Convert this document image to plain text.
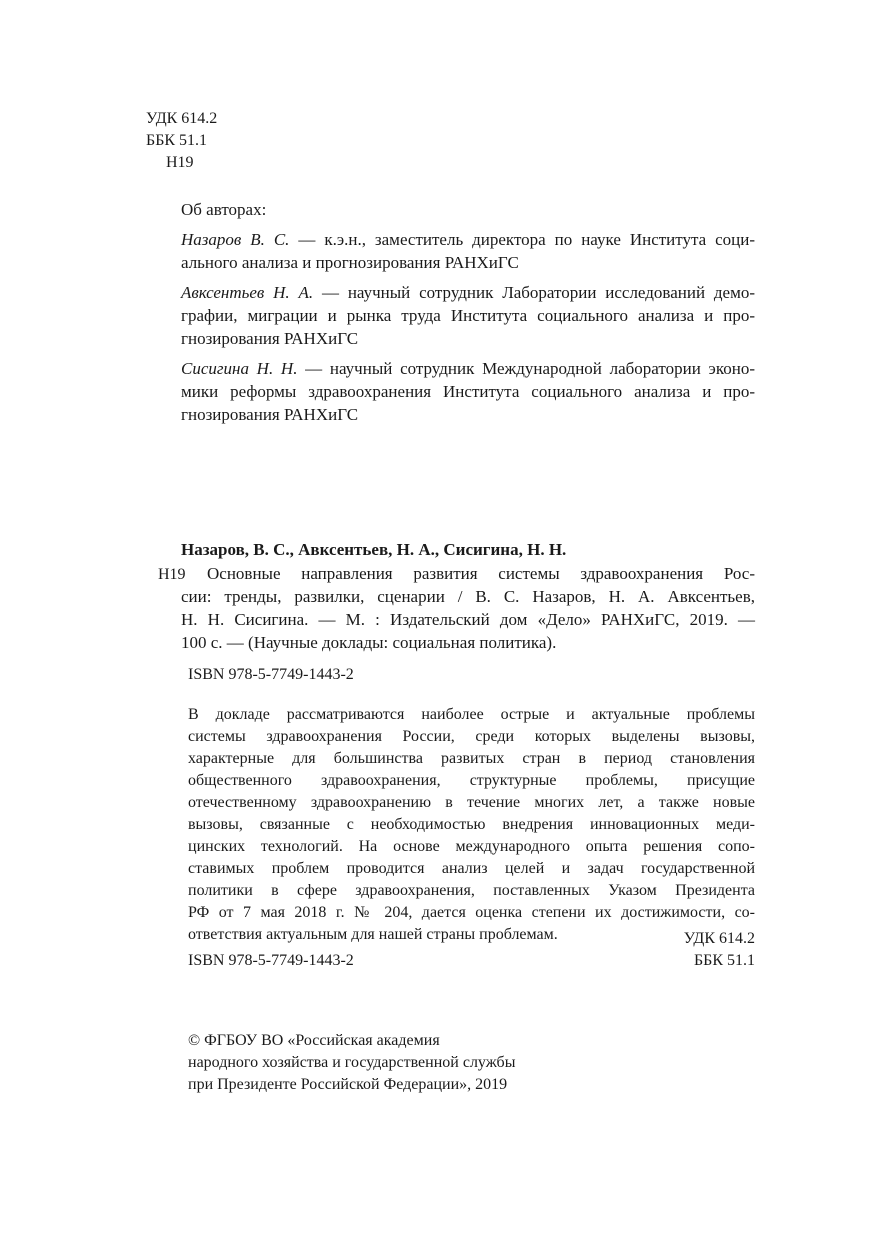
УДК 614.2
ББК 51.1
Н19
Об авторах:
Назаров В. С. — к.э.н., заместитель директора по науке Института соци-
ального анализа и прогнозирования РАНХиГС
Авксентьев Н. А. — научный сотрудник Лаборатории исследований демо-
графии, миграции и рынка труда Института социального анализа и про-
гнозирования РАНХиГС
Сисигина Н. Н. — научный сотрудник Международной лаборатории эконо-
мики реформы здравоохранения Института социального анализа и про-
гнозирования РАНХиГС
Назаров, В. С., Авксентьев, Н. А., Сисигина, Н. Н.
Н19	Основные направления развития системы здравоохранения Рос-
сии: тренды, развилки, сценарии / В. С. Назаров, Н. А. Авксентьев,
Н. Н. Сисигина. — М. : Издательский дом «Дело» РАНХиГС, 2019. —
100 с. — (Научные доклады: социальная политика).
ISBN 978-5-7749-1443-2
В докладе рассматриваются наиболее острые и актуальные проблемы
системы здравоохранения России, среди которых выделены вызовы,
характерные для большинства развитых стран в период становления
общественного здравоохранения, структурные проблемы, присущие
отечественному здравоохранению в течение многих лет, а также новые
вызовы, связанные с необходимостью внедрения инновационных меди-
цинских технологий. На основе международного опыта решения сопо-
ставимых проблем проводится анализ целей и задач государственной
политики в сфере здравоохранения, поставленных Указом Президента
РФ от 7 мая 2018 г. № 204, дается оценка степени их достижимости, со-
ответствия актуальным для нашей страны проблемам.	УДК 614.2
ISBN 978-5-7749-1443-2	ББК 51.1
© ФГБОУ ВО «Российская академия
народного хозяйства и государственной службы
при Президенте Российской Федерации», 2019
